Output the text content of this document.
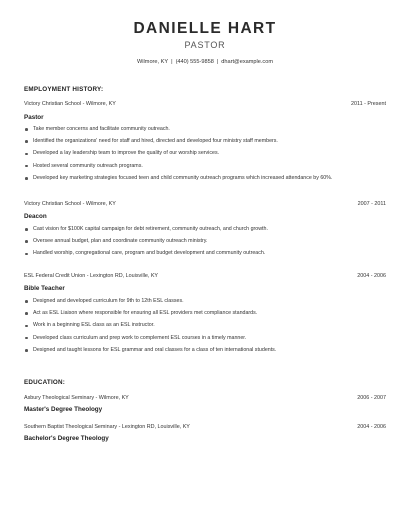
DANIELLE HART
PASTOR
Wilmore, KY | (440) 555-9858 | dhart@example.com
EMPLOYMENT HISTORY:
Victory Christian School - Wilmore, KY	2011 - Present
Pastor
Take member concerns and facilitate community outreach.
Identified the organizations' need for staff and hired, directed and developed four ministry staff members.
Developed a lay leadership team to improve the quality of our worship services.
Hosted several community outreach programs.
Developed key marketing strategies focused teen and child community outreach programs which increased attendance by 60%.
Victory Christian School - Wilmore, KY	2007 - 2011
Deacon
Cast vision for $100K capital campaign for debt retirement, community outreach, and church growth.
Oversee annual budget, plan and coordinate community outreach ministry.
Handled worship, congregational care, program and budget development and community outreach.
ESL Federal Credit Union - Lexington RD, Louisville, KY	2004 - 2006
Bible Teacher
Designed and developed curriculum for 9th to 12th ESL classes.
Act as ESL Liaison where responsible for ensuring all ESL providers met compliance standards.
Work in a beginning ESL class as an ESL instructor.
Developed class curriculum and prep work to complement ESL courses in a timely manner.
Designed and taught lessons for ESL grammar and oral classes for a class of ten international students.
EDUCATION:
Asbury Theological Seminary - Wilmore, KY	2006 - 2007
Master's Degree Theology
Southern Baptist Theological Seminary - Lexington RD, Louisville, KY	2004 - 2006
Bachelor's Degree Theology
